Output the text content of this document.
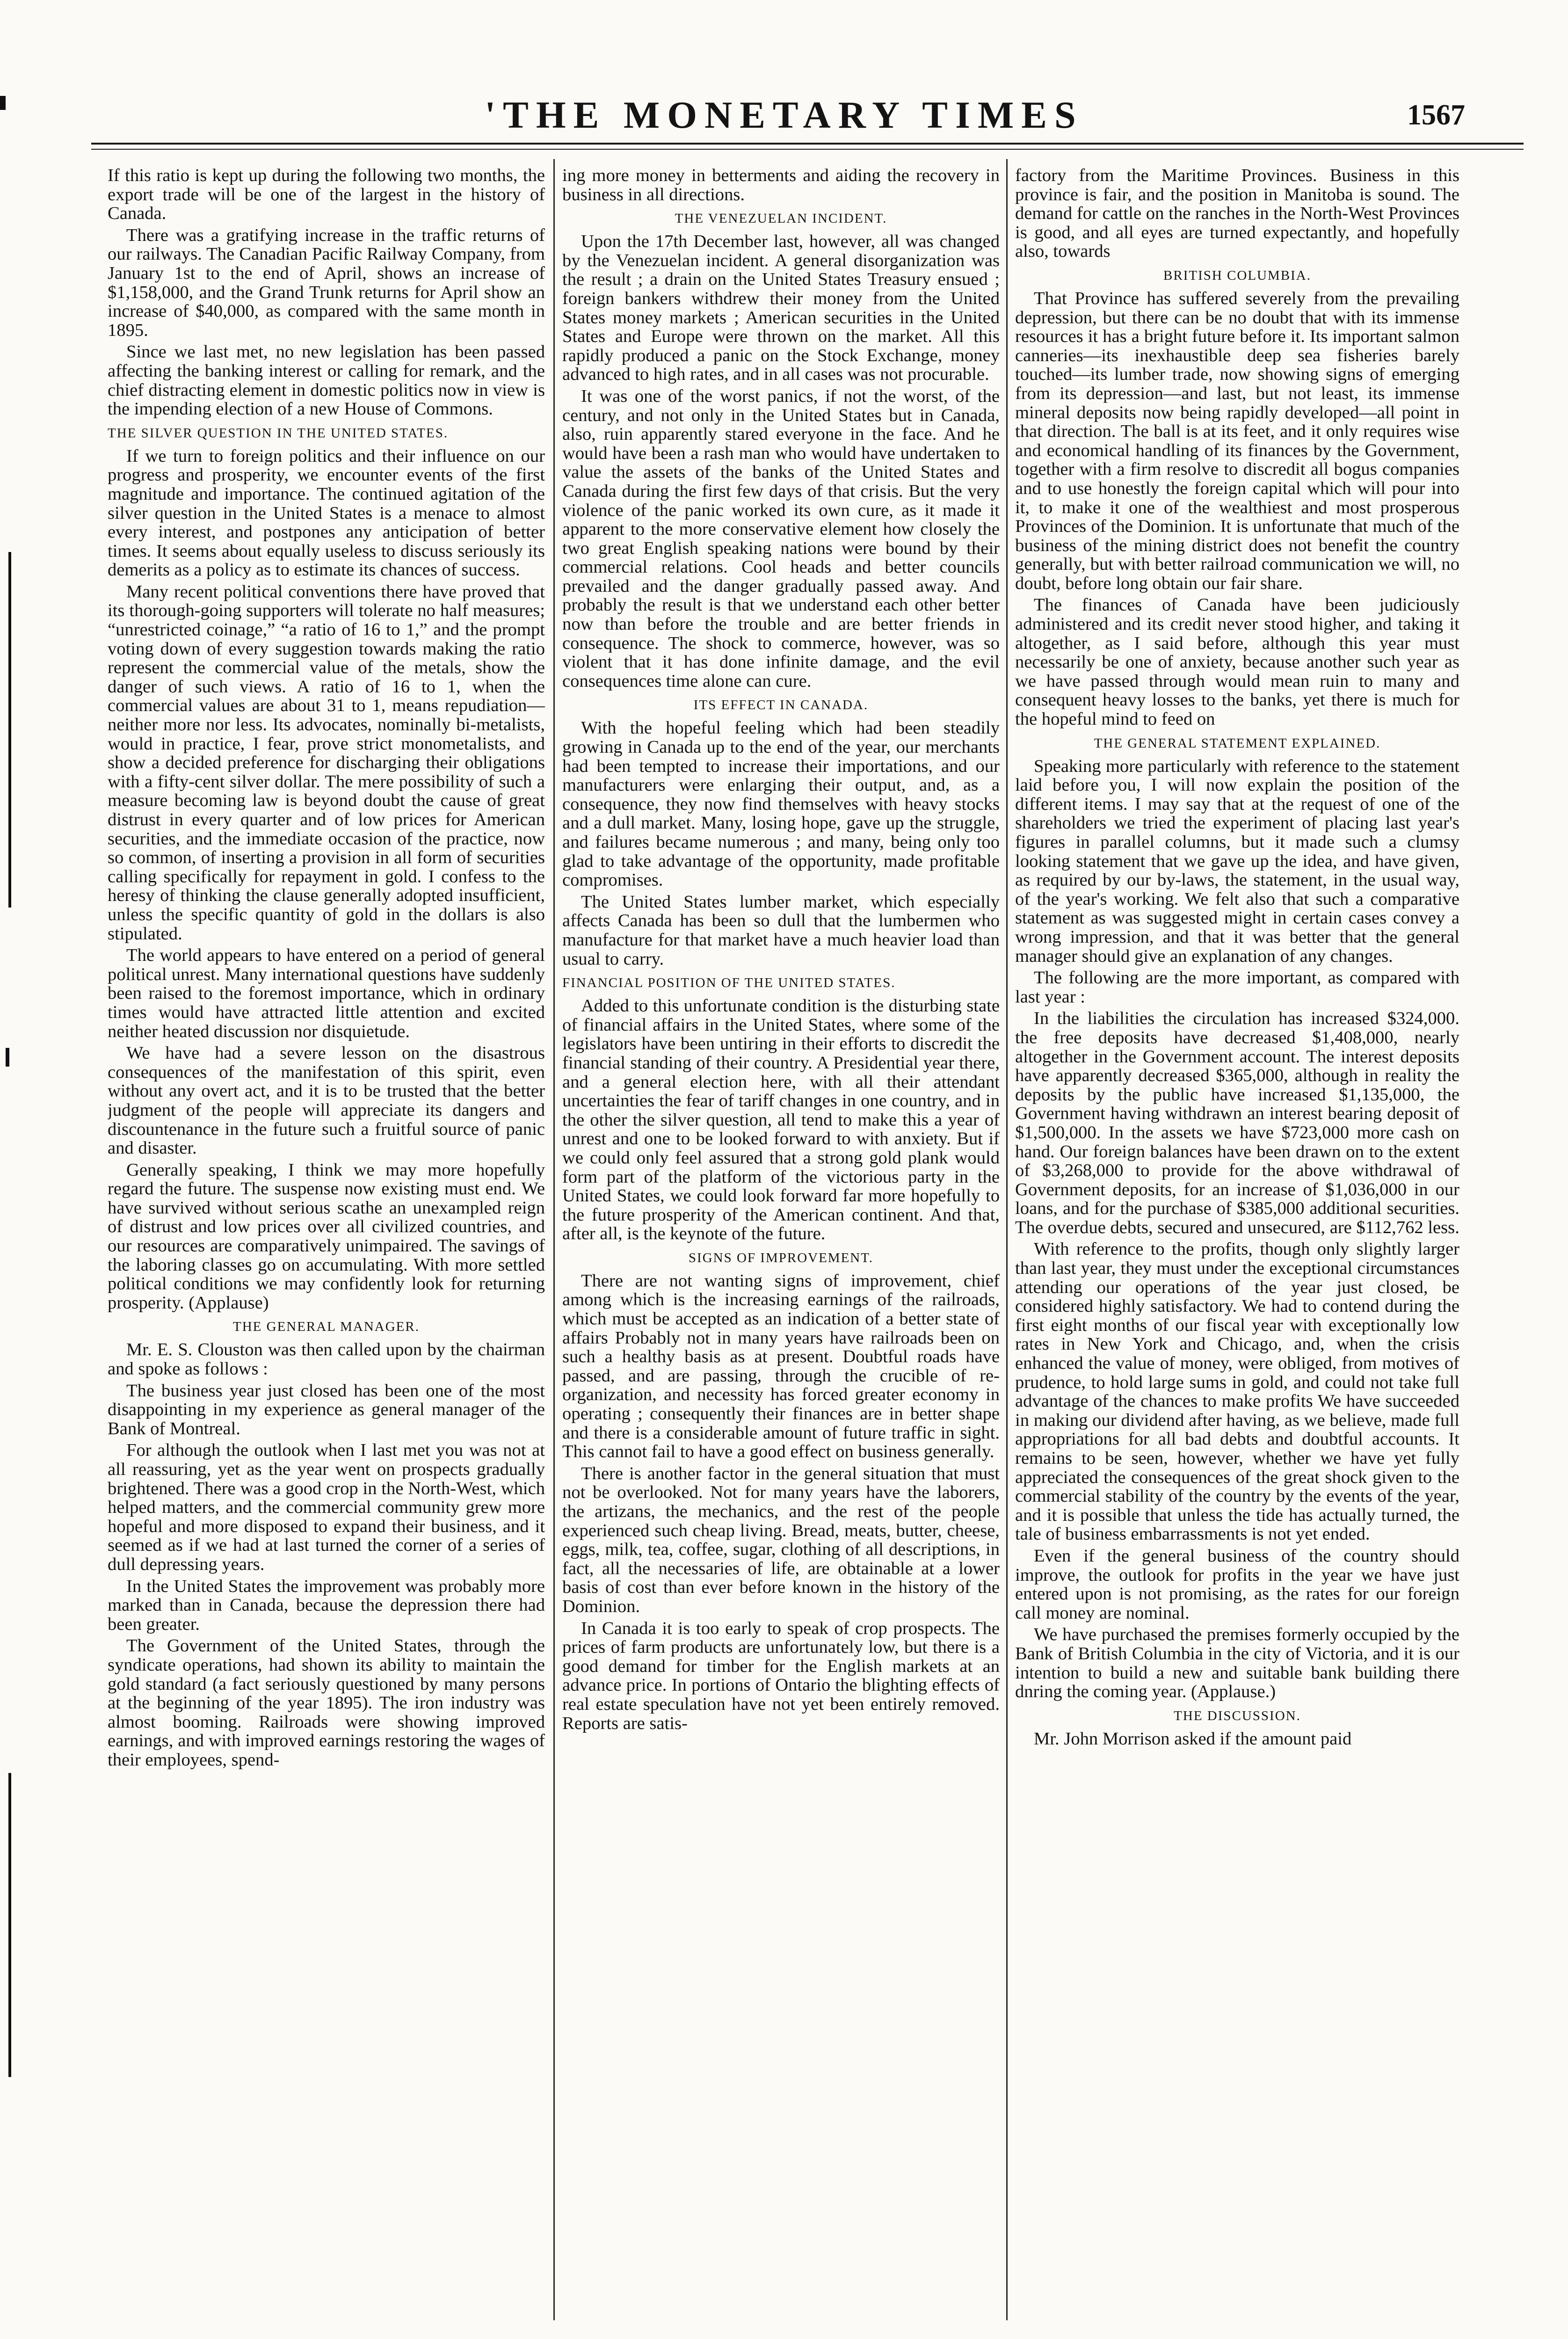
'THE MONETARY TIMES	1567

If this ratio is kept up during the following two months, the export trade will be one of the largest in the history of Canada.

There was a gratifying increase in the traffic returns of our railways. The Canadian Pacific Railway Company, from January 1st to the end of April, shows an increase of $1,158,000, and the Grand Trunk returns for April show an increase of $40,000, as compared with the same month in 1895.

Since we last met, no new legislation has been passed affecting the banking interest or calling for remark, and the chief distracting element in domestic politics now in view is the impending election of a new House of Commons.

THE SILVER QUESTION IN THE UNITED STATES.

If we turn to foreign politics and their influence on our progress and prosperity, we encounter events of the first magnitude and importance. The continued agitation of the silver question in the United States is a menace to almost every interest, and postpones any anticipation of better times. It seems about equally useless to discuss seriously its demerits as a policy as to estimate its chances of success.

Many recent political conventions there have proved that its thorough-going supporters will tolerate no half measures; “unrestricted coinage,” “a ratio of 16 to 1,” and the prompt voting down of every suggestion towards making the ratio represent the commercial value of the metals, show the danger of such views. A ratio of 16 to 1, when the commercial values are about 31 to 1, means repudiation—neither more nor less. Its advocates, nominally bi-metalists, would in practice, I fear, prove strict monometalists, and show a decided preference for discharging their obligations with a fifty-cent silver dollar. The mere possibility of such a measure becoming law is beyond doubt the cause of great distrust in every quarter and of low prices for American securities, and the immediate occasion of the practice, now so common, of inserting a provision in all form of securities calling specifically for repayment in gold. I confess to the heresy of thinking the clause generally adopted insufficient, unless the specific quantity of gold in the dollars is also stipulated.

The world appears to have entered on a period of general political unrest. Many international questions have suddenly been raised to the foremost importance, which in ordinary times would have attracted little attention and excited neither heated discussion nor disquietude.

We have had a severe lesson on the disastrous consequences of the manifestation of this spirit, even without any overt act, and it is to be trusted that the better judgment of the people will appreciate its dangers and discountenance in the future such a fruitful source of panic and disaster.

Generally speaking, I think we may more hopefully regard the future. The suspense now existing must end. We have survived without serious scathe an unexampled reign of distrust and low prices over all civilized countries, and our resources are comparatively unimpaired. The savings of the laboring classes go on accumulating. With more settled political conditions we may confidently look for returning prosperity. (Applause)

THE GENERAL MANAGER.

Mr. E. S. Clouston was then called upon by the chairman and spoke as follows :

The business year just closed has been one of the most disappointing in my experience as general manager of the Bank of Montreal.

For although the outlook when I last met you was not at all reassuring, yet as the year went on prospects gradually brightened. There was a good crop in the North-West, which helped matters, and the commercial community grew more hopeful and more disposed to expand their business, and it seemed as if we had at last turned the corner of a series of dull depressing years.

In the United States the improvement was probably more marked than in Canada, because the depression there had been greater.

The Government of the United States, through the syndicate operations, had shown its ability to maintain the gold standard (a fact seriously questioned by many persons at the beginning of the year 1895). The iron industry was almost booming. Railroads were showing improved earnings, and with improved earnings restoring the wages of their employees, spend-

ing more money in betterments and aiding the recovery in business in all directions.

THE VENEZUELAN INCIDENT.

Upon the 17th December last, however, all was changed by the Venezuelan incident. A general disorganization was the result ; a drain on the United States Treasury ensued ; foreign bankers withdrew their money from the United States money markets ; American securities in the United States and Europe were thrown on the market. All this rapidly produced a panic on the Stock Exchange, money advanced to high rates, and in all cases was not procurable.

It was one of the worst panics, if not the worst, of the century, and not only in the United States but in Canada, also, ruin apparently stared everyone in the face. And he would have been a rash man who would have undertaken to value the assets of the banks of the United States and Canada during the first few days of that crisis. But the very violence of the panic worked its own cure, as it made it apparent to the more conservative element how closely the two great English speaking nations were bound by their commercial relations. Cool heads and better councils prevailed and the danger gradually passed away. And probably the result is that we understand each other better now than before the trouble and are better friends in consequence. The shock to commerce, however, was so violent that it has done infinite damage, and the evil consequences time alone can cure.

ITS EFFECT IN CANADA.

With the hopeful feeling which had been steadily growing in Canada up to the end of the year, our merchants had been tempted to increase their importations, and our manufacturers were enlarging their output, and, as a consequence, they now find themselves with heavy stocks and a dull market. Many, losing hope, gave up the struggle, and failures became numerous ; and many, being only too glad to take advantage of the opportunity, made profitable compromises.

The United States lumber market, which especially affects Canada has been so dull that the lumbermen who manufacture for that market have a much heavier load than usual to carry.

FINANCIAL POSITION OF THE UNITED STATES.

Added to this unfortunate condition is the disturbing state of financial affairs in the United States, where some of the legislators have been untiring in their efforts to discredit the financial standing of their country. A Presidential year there, and a general election here, with all their attendant uncertainties the fear of tariff changes in one country, and in the other the silver question, all tend to make this a year of unrest and one to be looked forward to with anxiety. But if we could only feel assured that a strong gold plank would form part of the platform of the victorious party in the United States, we could look forward far more hopefully to the future prosperity of the American continent. And that, after all, is the keynote of the future.

SIGNS OF IMPROVEMENT.

There are not wanting signs of improvement, chief among which is the increasing earnings of the railroads, which must be accepted as an indication of a better state of affairs Probably not in many years have railroads been on such a healthy basis as at present. Doubtful roads have passed, and are passing, through the crucible of re-organization, and necessity has forced greater economy in operating ; consequently their finances are in better shape and there is a considerable amount of future traffic in sight. This cannot fail to have a good effect on business generally.

There is another factor in the general situation that must not be overlooked. Not for many years have the laborers, the artizans, the mechanics, and the rest of the people experienced such cheap living. Bread, meats, butter, cheese, eggs, milk, tea, coffee, sugar, clothing of all descriptions, in fact, all the necessaries of life, are obtainable at a lower basis of cost than ever before known in the history of the Dominion.

In Canada it is too early to speak of crop prospects. The prices of farm products are unfortunately low, but there is a good demand for timber for the English markets at an advance price. In portions of Ontario the blighting effects of real estate speculation have not yet been entirely removed. Reports are satis-

factory from the Maritime Provinces. Business in this province is fair, and the position in Manitoba is sound. The demand for cattle on the ranches in the North-West Provinces is good, and all eyes are turned expectantly, and hopefully also, towards

BRITISH COLUMBIA.

That Province has suffered severely from the prevailing depression, but there can be no doubt that with its immense resources it has a bright future before it. Its important salmon canneries—its inexhaustible deep sea fisheries barely touched—its lumber trade, now showing signs of emerging from its depression—and last, but not least, its immense mineral deposits now being rapidly developed—all point in that direction. The ball is at its feet, and it only requires wise and economical handling of its finances by the Government, together with a firm resolve to discredit all bogus companies and to use honestly the foreign capital which will pour into it, to make it one of the wealthiest and most prosperous Provinces of the Dominion. It is unfortunate that much of the business of the mining district does not benefit the country generally, but with better railroad communication we will, no doubt, before long obtain our fair share.

The finances of Canada have been judiciously administered and its credit never stood higher, and taking it altogether, as I said before, although this year must necessarily be one of anxiety, because another such year as we have passed through would mean ruin to many and consequent heavy losses to the banks, yet there is much for the hopeful mind to feed on

THE GENERAL STATEMENT EXPLAINED.

Speaking more particularly with reference to the statement laid before you, I will now explain the position of the different items. I may say that at the request of one of the shareholders we tried the experiment of placing last year's figures in parallel columns, but it made such a clumsy looking statement that we gave up the idea, and have given, as required by our by-laws, the statement, in the usual way, of the year's working. We felt also that such a comparative statement as was suggested might in certain cases convey a wrong impression, and that it was better that the general manager should give an explanation of any changes.

The following are the more important, as compared with last year :

In the liabilities the circulation has increased $324,000. the free deposits have decreased $1,408,000, nearly altogether in the Government account. The interest deposits have apparently decreased $365,000, although in reality the deposits by the public have increased $1,135,000, the Government having withdrawn an interest bearing deposit of $1,500,000. In the assets we have $723,000 more cash on hand. Our foreign balances have been drawn on to the extent of $3,268,000 to provide for the above withdrawal of Government deposits, for an increase of $1,036,000 in our loans, and for the purchase of $385,000 additional securities. The overdue debts, secured and unsecured, are $112,762 less.

With reference to the profits, though only slightly larger than last year, they must under the exceptional circumstances attending our operations of the year just closed, be considered highly satisfactory. We had to contend during the first eight months of our fiscal year with exceptionally low rates in New York and Chicago, and, when the crisis enhanced the value of money, were obliged, from motives of prudence, to hold large sums in gold, and could not take full advantage of the chances to make profits We have succeeded in making our dividend after having, as we believe, made full appropriations for all bad debts and doubtful accounts. It remains to be seen, however, whether we have yet fully appreciated the consequences of the great shock given to the commercial stability of the country by the events of the year, and it is possible that unless the tide has actually turned, the tale of business embarrassments is not yet ended.

Even if the general business of the country should improve, the outlook for profits in the year we have just entered upon is not promising, as the rates for our foreign call money are nominal.

We have purchased the premises formerly occupied by the Bank of British Columbia in the city of Victoria, and it is our intention to build a new and suitable bank building there dnring the coming year. (Applause.)

THE DISCUSSION.

Mr. John Morrison asked if the amount paid
